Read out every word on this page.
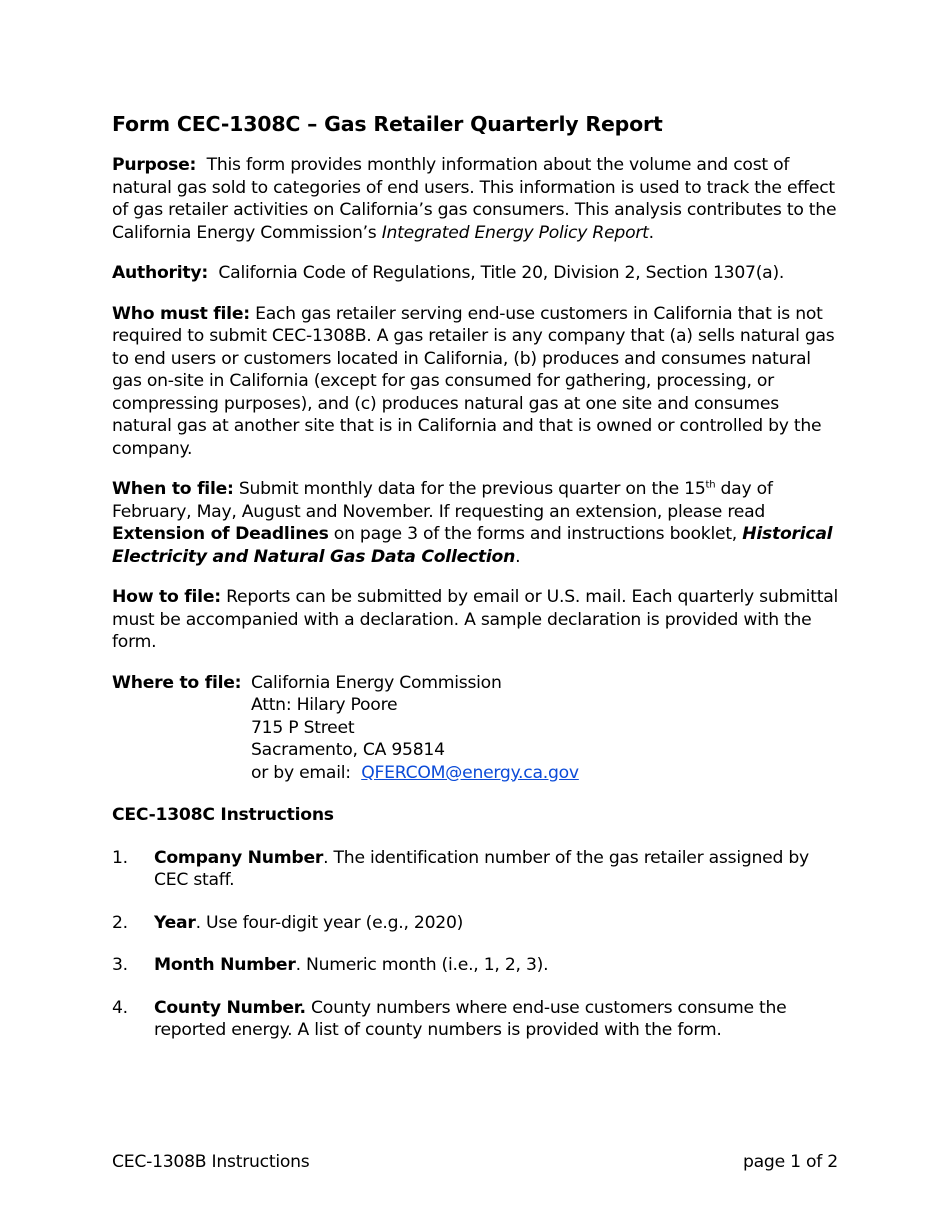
Form CEC-1308C – Gas Retailer Quarterly Report

Purpose: This form provides monthly information about the volume and cost of natural gas sold to categories of end users. This information is used to track the effect of gas retailer activities on California’s gas consumers. This analysis contributes to the California Energy Commission’s Integrated Energy Policy Report.

Authority: California Code of Regulations, Title 20, Division 2, Section 1307(a).

Who must file: Each gas retailer serving end-use customers in California that is not required to submit CEC-1308B. A gas retailer is any company that (a) sells natural gas to end users or customers located in California, (b) produces and consumes natural gas on-site in California (except for gas consumed for gathering, processing, or compressing purposes), and (c) produces natural gas at one site and consumes natural gas at another site that is in California and that is owned or controlled by the company.

When to file: Submit monthly data for the previous quarter on the 15th day of February, May, August and November. If requesting an extension, please read Extension of Deadlines on page 3 of the forms and instructions booklet, Historical Electricity and Natural Gas Data Collection.

How to file: Reports can be submitted by email or U.S. mail. Each quarterly submittal must be accompanied with a declaration. A sample declaration is provided with the form.

Where to file: California Energy Commission

Attn: Hilary Poore

715 P Street

Sacramento, CA 95814

or by email: QFERCOM@energy.ca.gov

CEC-1308C Instructions

1.	Company Number. The identification number of the gas retailer assigned by CEC staff.

2.	Year. Use four-digit year (e.g., 2020)

3.	Month Number. Numeric month (i.e., 1, 2, 3).

4.	County Number. County numbers where end-use customers consume the reported energy. A list of county numbers is provided with the form.

CEC-1308B Instructions	page 1 of 2
